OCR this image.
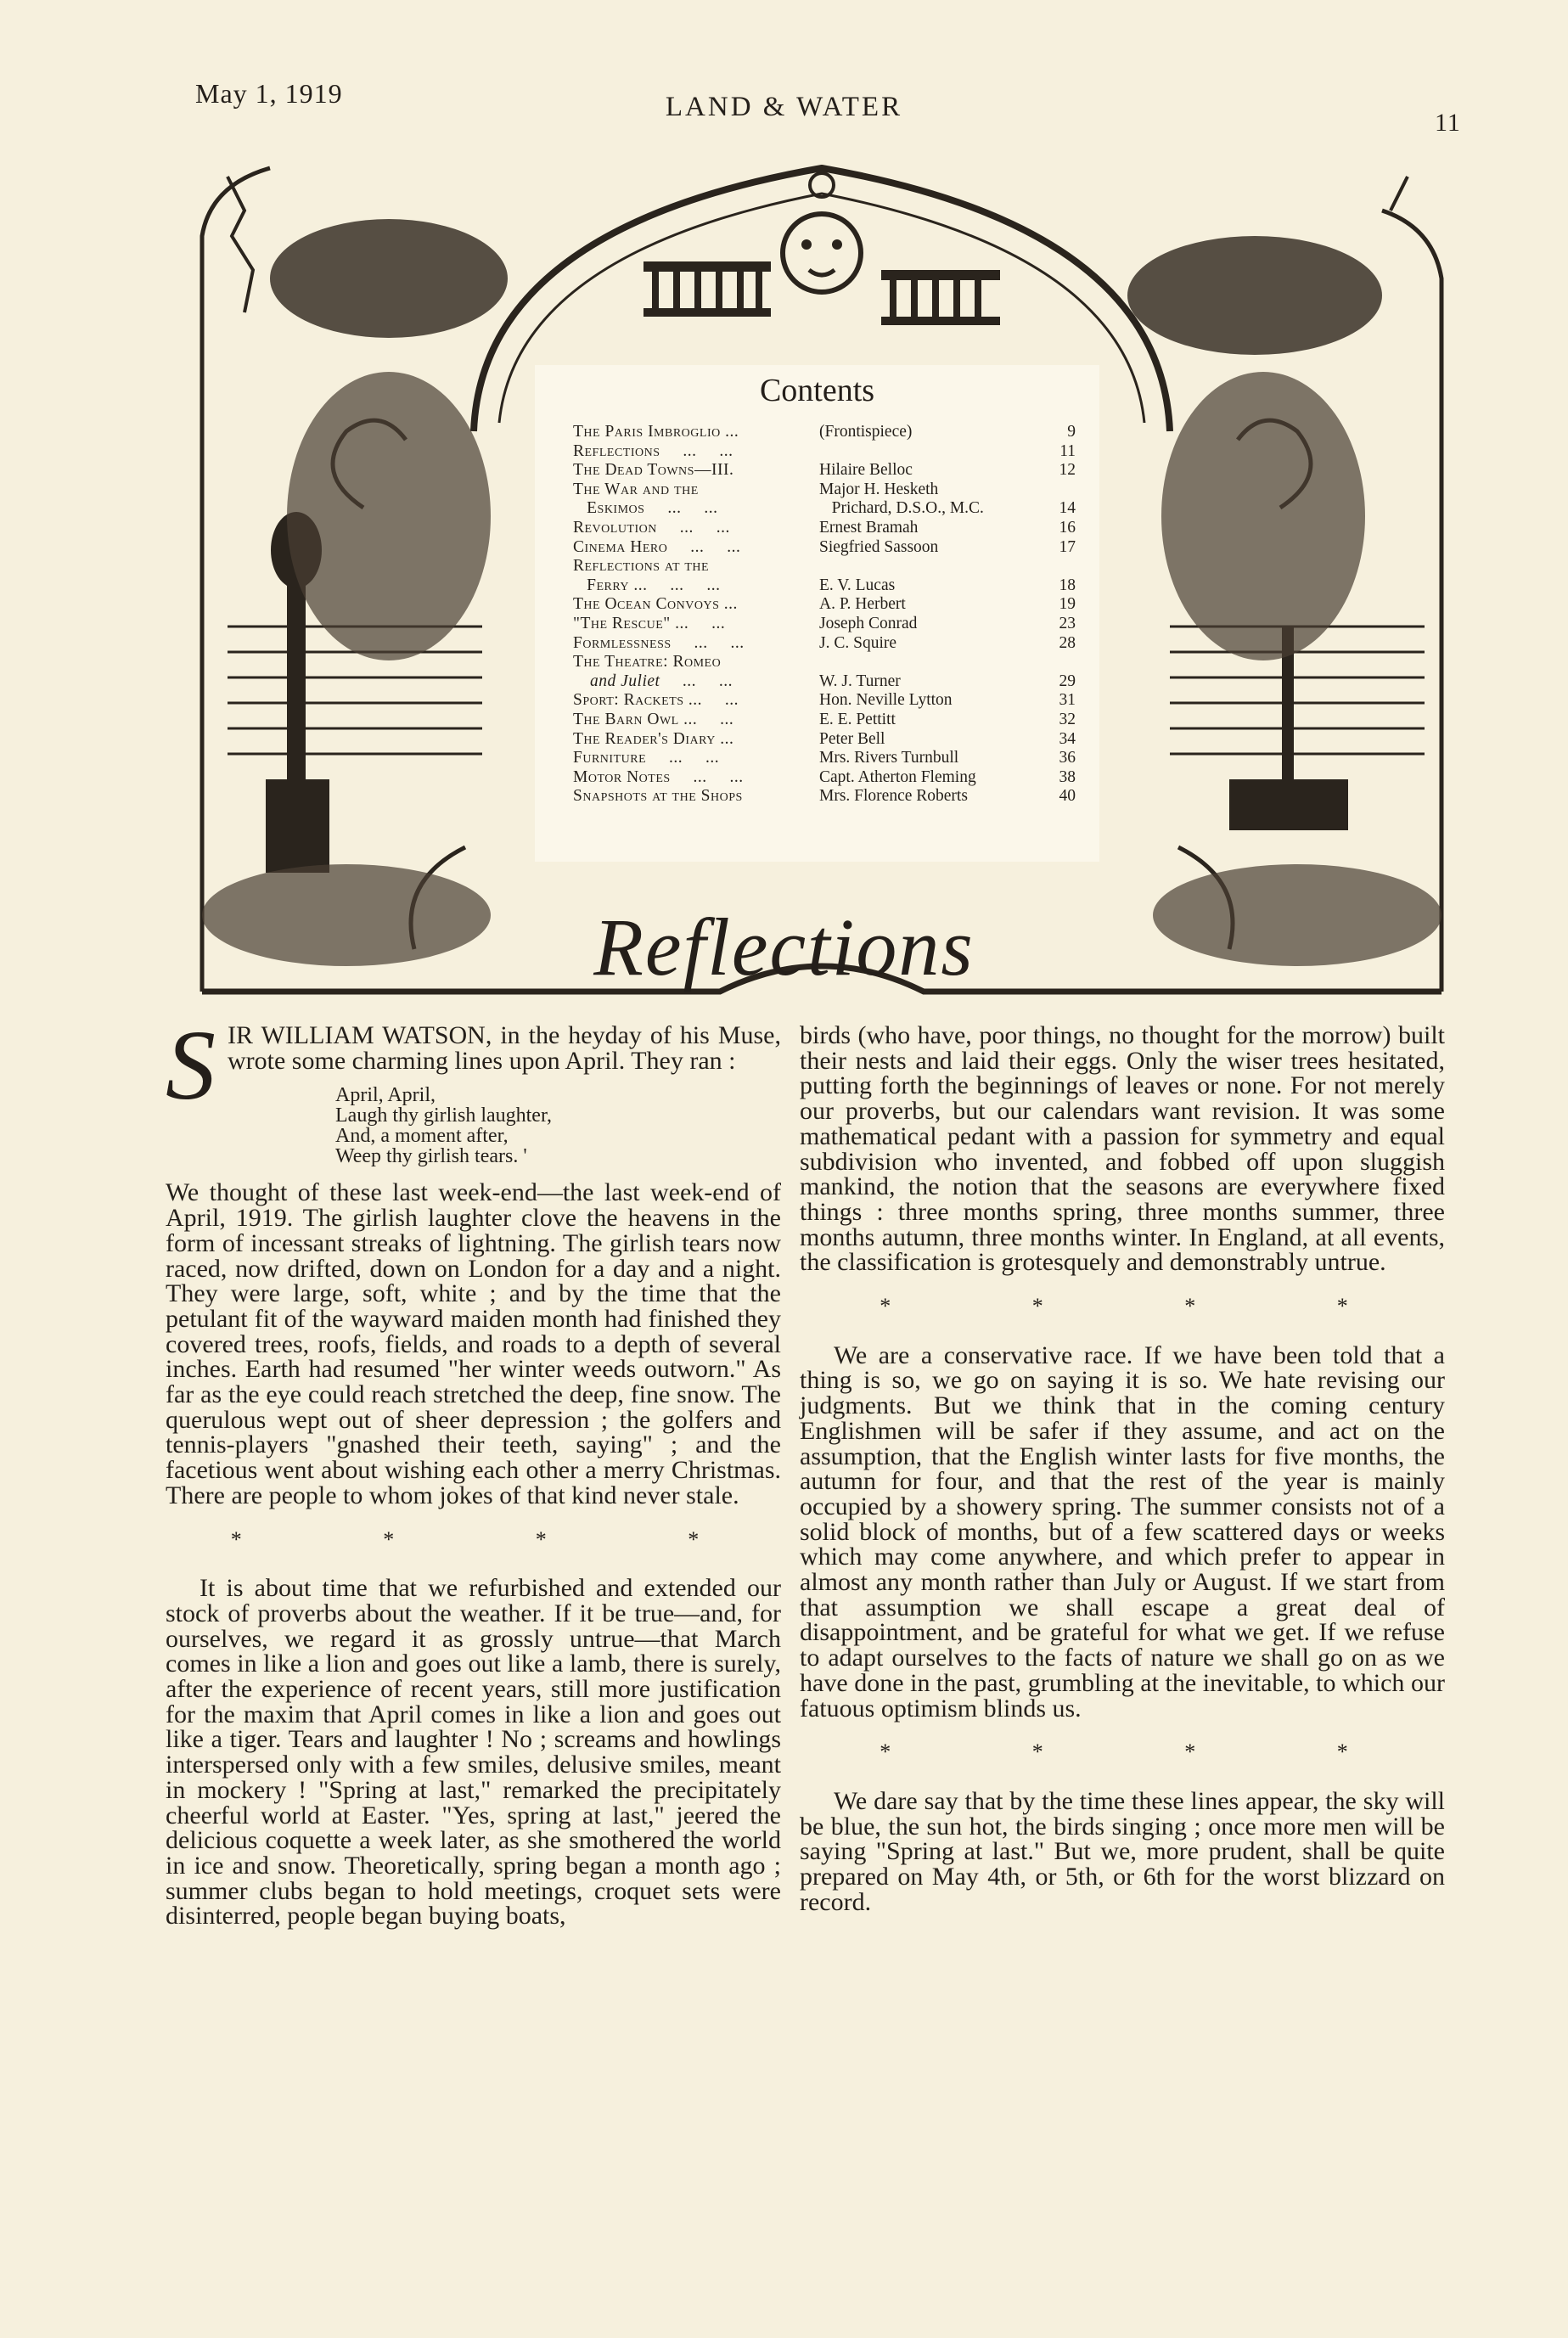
May 1, 1919	LAND & WATER
11
Contents
The Paris Imbroglio ...	(Frontispiece)	9
Reflections     ...     ...	11
The Dead Towns—III.	Hilaire Belloc	12
The War and the	Major H. Hesketh
Eskimos     ...     ...	Prichard, D.S.O., M.C.	14
Revolution     ...     ...	Ernest Bramah	16
Cinema Hero     ...     ...	Siegfried Sassoon	17
Reflections at the
Ferry ...     ...     ...	E. V. Lucas	18
The Ocean Convoys ...	A. P. Herbert	19
"The Rescue" ...     ...	Joseph Conrad	23
Formlessness     ...     ...	J. C. Squire	28
The Theatre: Romeo
and Juliet     ...     ...	W. J. Turner	29
Sport: Rackets ...     ...	Hon. Neville Lytton	31
The Barn Owl ...     ...	E. E. Pettitt	32
The Reader's Diary ...	Peter Bell	34
Furniture     ...     ...	Mrs. Rivers Turnbull	36
Motor Notes     ...     ...	Capt. Atherton Fleming	38
Snapshots at the Shops	Mrs. Florence Roberts	40
Reflections

SIR WILLIAM WATSON, in the heyday of his Muse, wrote some charming lines upon April. They ran :

April, April,
Laugh thy girlish laughter,
And, a moment after,
Weep thy girlish tears. '

We thought of these last week-end—the last week-end of April, 1919. The girlish laughter clove the heavens in the form of incessant streaks of lightning. The girlish tears now raced, now drifted, down on London for a day and a night. They were large, soft, white ; and by the time that the petulant fit of the wayward maiden month had finished they covered trees, roofs, fields, and roads to a depth of several inches. Earth had resumed "her winter weeds outworn." As far as the eye could reach stretched the deep, fine snow. The querulous wept out of sheer depression ; the golfers and tennis-players "gnashed their teeth, saying" ; and the facetious went about wishing each other a merry Christmas. There are people to whom jokes of that kind never stale.

* * * *

It is about time that we refurbished and extended our stock of proverbs about the weather. If it be true—and, for ourselves, we regard it as grossly untrue—that March comes in like a lion and goes out like a lamb, there is surely, after the experience of recent years, still more justification for the maxim that April comes in like a lion and goes out like a tiger. Tears and laughter ! No ; screams and howlings interspersed only with a few smiles, delusive smiles, meant in mockery ! "Spring at last," remarked the precipitately cheerful world at Easter. "Yes, spring at last," jeered the delicious coquette a week later, as she smothered the world in ice and snow. Theoretically, spring began a month ago ; summer clubs began to hold meetings, croquet sets were disinterred, people began buying boats,

birds (who have, poor things, no thought for the morrow) built their nests and laid their eggs. Only the wiser trees hesitated, putting forth the beginnings of leaves or none. For not merely our proverbs, but our calendars want revision. It was some mathematical pedant with a passion for symmetry and equal subdivision who invented, and fobbed off upon sluggish mankind, the notion that the seasons are everywhere fixed things : three months spring, three months summer, three months autumn, three months winter. In England, at all events, the classification is grotesquely and demonstrably untrue.

* * * *

We are a conservative race. If we have been told that a thing is so, we go on saying it is so. We hate revising our judgments. But we think that in the coming century Englishmen will be safer if they assume, and act on the assumption, that the English winter lasts for five months, the autumn for four, and that the rest of the year is mainly occupied by a showery spring. The summer consists not of a solid block of months, but of a few scattered days or weeks which may come anywhere, and which prefer to appear in almost any month rather than July or August. If we start from that assumption we shall escape a great deal of disappointment, and be grateful for what we get. If we refuse to adapt ourselves to the facts of nature we shall go on as we have done in the past, grumbling at the inevitable, to which our fatuous optimism blinds us.

* * * *

We dare say that by the time these lines appear, the sky will be blue, the sun hot, the birds singing ; once more men will be saying "Spring at last." But we, more prudent, shall be quite prepared on May 4th, or 5th, or 6th for the worst blizzard on record.
